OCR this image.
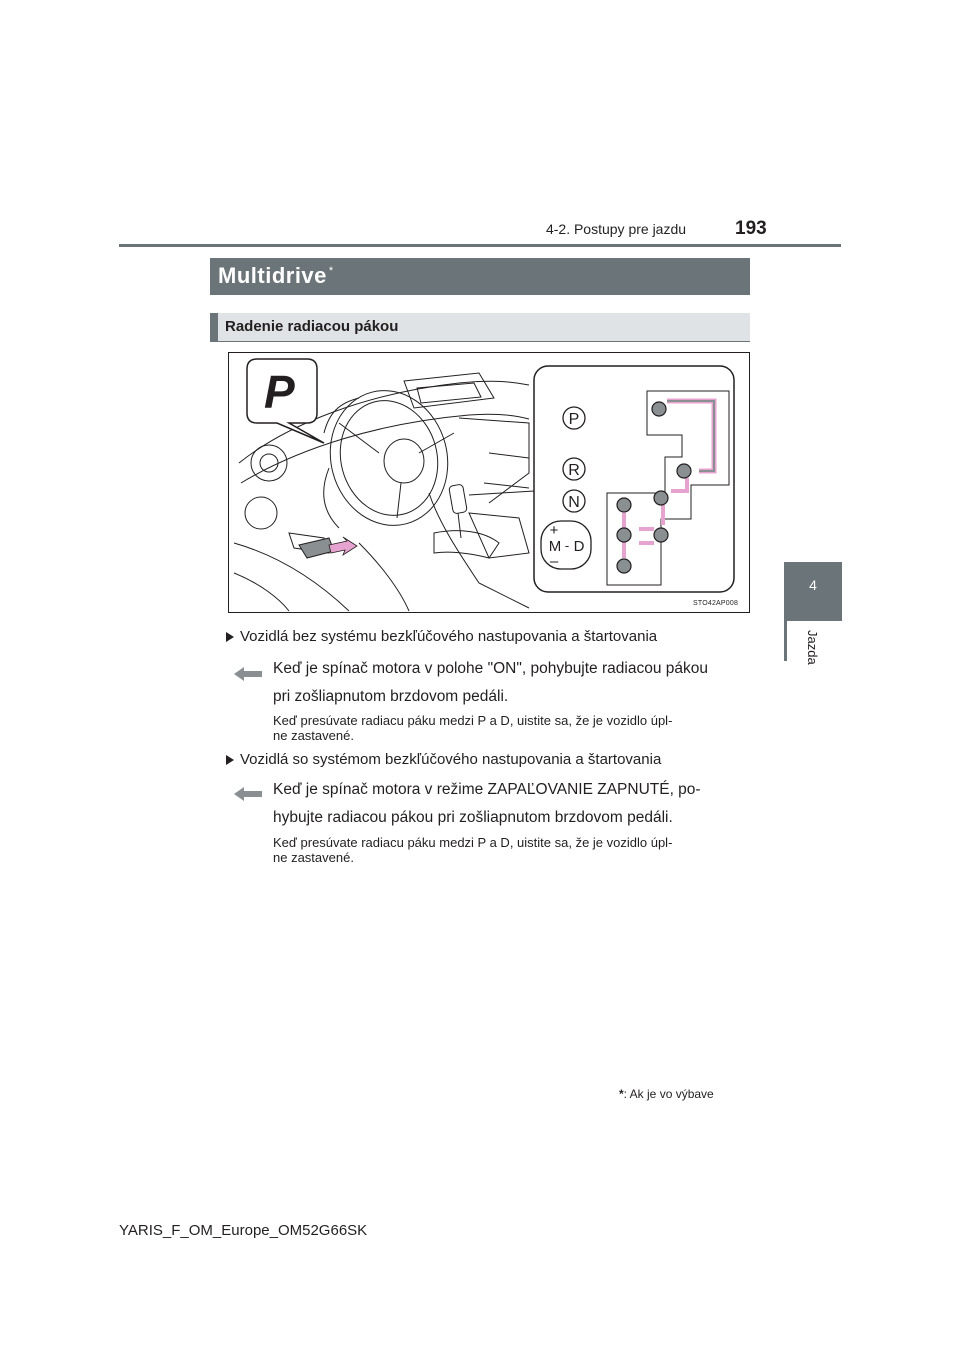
4-2. Postupy pre jazdu	193
4
Jazda
Multidrive *
Radenie radiacou pákou
P
P
R
N
+
M - D
–
STO42AP008
Vozidlá bez systému bezkľúčového nastupovania a štartovania
Keď je spínač motora v polohe "ON", pohybujte radiacou pákou
pri zošliapnutom brzdovom pedáli.
Keď presúvate radiacu páku medzi P a D, uistite sa, že je vozidlo úpl-
ne zastavené.
Vozidlá so systémom bezkľúčového nastupovania a štartovania
Keď je spínač motora v režime ZAPAĽOVANIE ZAPNUTÉ, po-
hybujte radiacou pákou pri zošliapnutom brzdovom pedáli.
Keď presúvate radiacu páku medzi P a D, uistite sa, že je vozidlo úpl-
ne zastavené.
*: Ak je vo výbave
YARIS_F_OM_Europe_OM52G66SK
